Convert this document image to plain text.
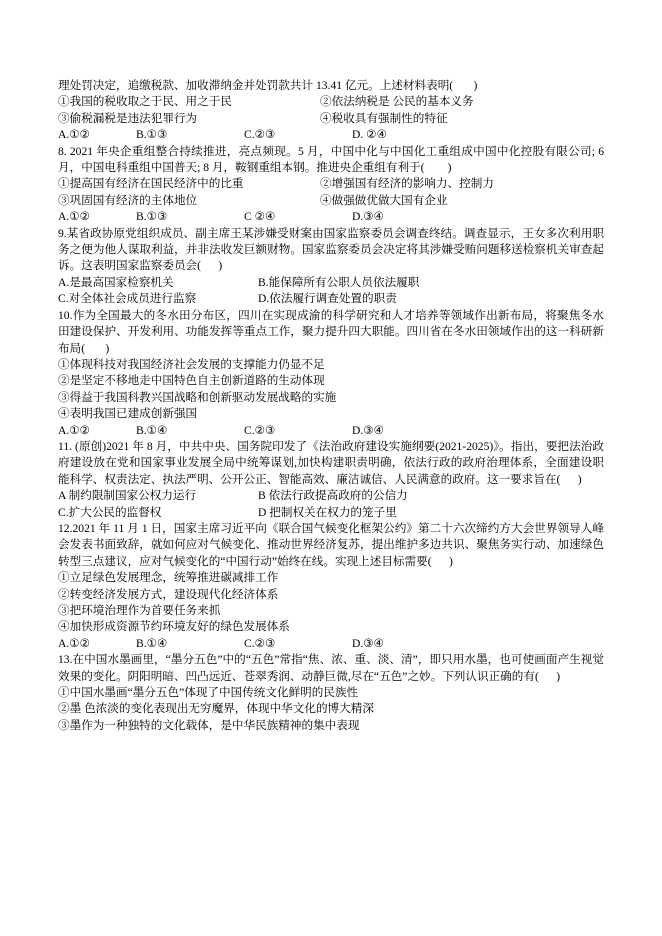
理处罚决定，追缴税款、加收滞纳金并处罚款共计 13.41 亿元。上述材料表明(       )
①我国的税收取之于民、用之于民	②依法纳税是 公民的基本义务
③偷税漏税是违法犯罪行为	④税收具有强制性的特征
A.①②	B.①③	C.②③	D. ②④
8. 2021 年央企重组整合持续推进，亮点频现。5 月，中国中化与中国化工重组成中国中化控股有限公司; 6 月，中国电科重组中国普天; 8 月，鞍钢重组本钢。推进央企重组有利于(        )
①提高国有经济在国民经济中的比重	②增强国有经济的影响力、控制力
③巩固国有经济的主体地位	④做强做优做大国有企业
A.①②	B.①③	C ②④	D.③④
9.某省政协原党组织成员、副主席王某涉嫌受财案由国家监察委员会调查终结。调查显示，王女多次利用职务之便为他人谋取利益，并非法收发巨额财物。国家监察委员会决定将其涉嫌受贿问题移送检察机关审查起诉。这表明国家监察委员会(      )
A.是最高国家检察机关	B.能保障所有公职人员依法履职
C.对全体社会成员进行监察	D.依法履行调查处置的职责
10.作为全国最大的冬水田分布区，四川在实现成渝的科学研究和人才培养等领域作出新布局，将聚焦冬水田建设保护、开发利用、功能发挥等重点工作，聚力提升四大职能。四川省在冬水田领域作出的这一科研新 布局(       )
①体现科技对我国经济社会发展的支撑能力仍显不足
②是坚定不移地走中国特色自主创新道路的生动体现
③得益于我国科教兴国战略和创新驱动发展战略的实施
④表明我国已建成创新强国
A.①②	B.①④	C.②③	D.③④
11. (原创)2021 年 8 月，中共中央、国务院印发了《法治政府建设实施纲要(2021-2025)》。指出，要把法治政府建设放在党和国家事业发展全局中统筹谋划,加快构建职责明确，依法行政的政府治理体系，全面建设职能科学、权责法定、执法严明、公开公正、智能高效、廉洁诚信、人民满意的政府。这一要求旨在(      )
A 制约限制国家公权力运行	B 依法行政提高政府的公信力
C.扩大公民的监督权	D 把制权关在权力的笼子里
12.2021 年 11 月 1 日，国家主席习近平向《联合国气候变化框架公约》第二十六次缔约方大会世界领导人峰会发表书面致辞，就如何应对气候变化、推动世界经济复苏，提出维护多边共识、聚焦务实行动、加速绿色转型三点建议，应对气候变化的“中国行动”始终在线。实现上述目标需要(      )
①立足绿色发展理念，统筹推进碳减排工作
②转变经济发展方式，建设现代化经济体系
③把环境治理作为首要任务来抓
④加快形成资源节约环境友好的绿色发展体系
A.①②	B.①④	C.②③	D.③④
13.在中国水墨画里，“墨分五色”中的“五色”常指“焦、浓、重、淡、清”，即只用水墨，也可使画面产生视觉效果的变化。阴阳明暗、凹凸远近、苍翠秀润、动静巨微,尽在“五色”之妙。下列认识正确的有(      )
①中国水墨画“墨分五色”体现了中国传统文化鲜明的民族性
②墨 色浓淡的变化表现出无穷魔界，体现中华文化的博大精深
③墨作为一种独特的文化载体，是中华民族精神的集中表现
